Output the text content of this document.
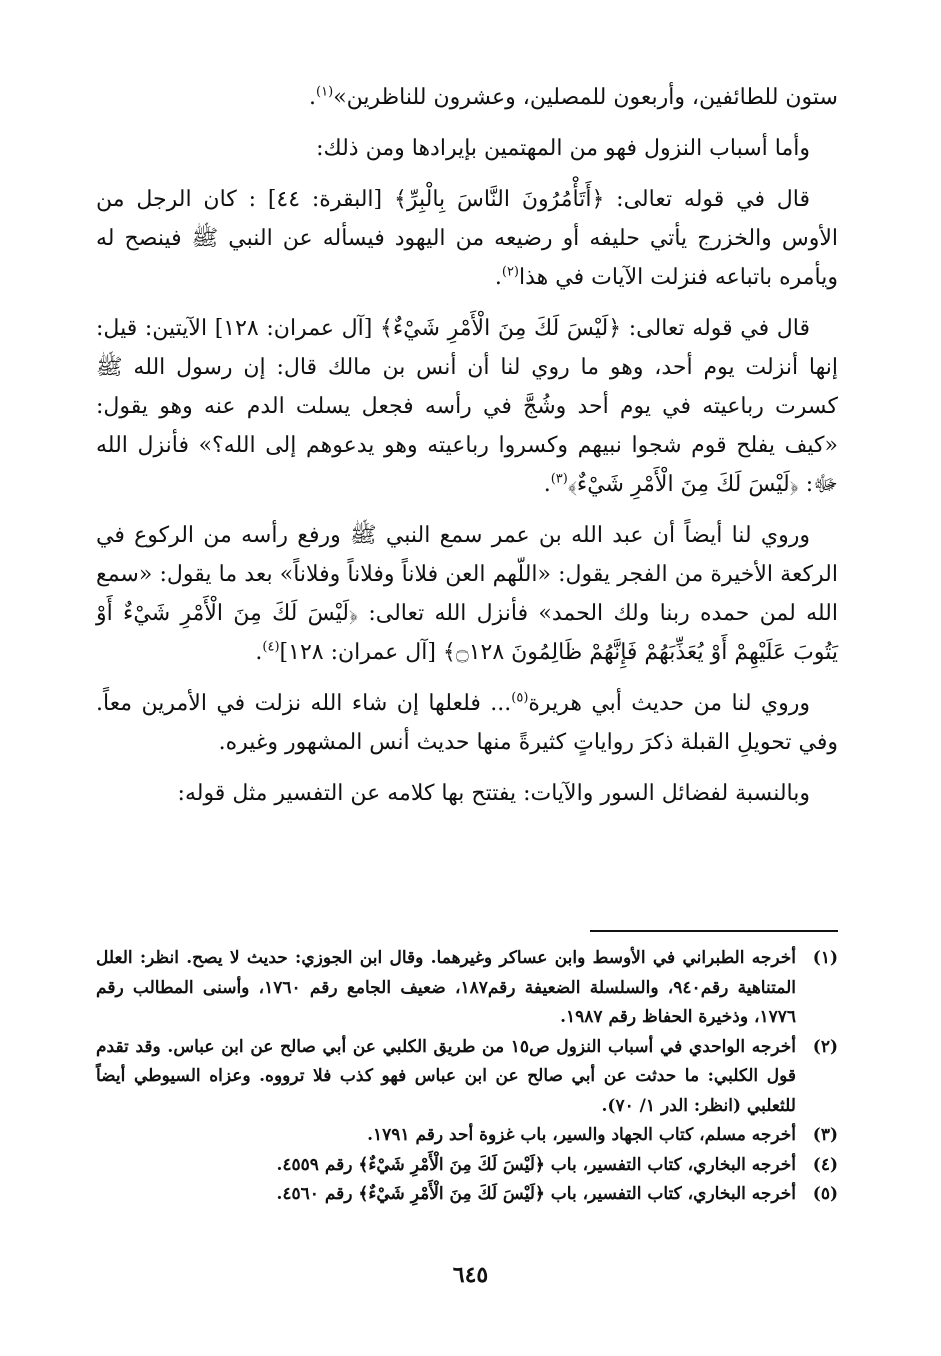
ستون للطائفين، وأربعون للمصلين، وعشرون للناظرين»$^{(١)}$.

وأما أسباب النزول فهو من المهتمين بإيرادها ومن ذلك:

قال في قوله تعالى: ﴿أَتَأْمُرُونَ النَّاسَ بِالْبِرِّ﴾ [البقرة: ٤٤] : كان الرجل من الأوس والخزرج يأتي حليفه أو رضيعه من اليهود فيسأله عن النبي ﷺ فينصح له ويأمره باتباعه فنزلت الآيات في هذا$^{(٢)}$.

قال في قوله تعالى: ﴿لَيْسَ لَكَ مِنَ الْأَمْرِ شَيْءٌ﴾ [آل عمران: ١٢٨] الآيتين: قيل: إنها أنزلت يوم أحد، وهو ما روي لنا أن أنس بن مالك قال: إن رسول الله ﷺ كسرت رباعيته في يوم أحد وشُجَّ في رأسه فجعل يسلت الدم عنه وهو يقول: «كيف يفلح قوم شجوا نبيهم وكسروا رباعيته وهو يدعوهم إلى الله؟» فأنزل الله ﷻ: ﴿لَيْسَ لَكَ مِنَ الْأَمْرِ شَيْءٌ﴾$^{(٣)}$.

وروي لنا أيضاً أن عبد الله بن عمر سمع النبي ﷺ ورفع رأسه من الركوع في الركعة الأخيرة من الفجر يقول: «اللّهم العن فلاناً وفلاناً وفلاناً» بعد ما يقول: «سمع الله لمن حمده ربنا ولك الحمد» فأنزل الله تعالى: ﴿لَيْسَ لَكَ مِنَ الْأَمْرِ شَيْءٌ أَوْ يَتُوبَ عَلَيْهِمْ أَوْ يُعَذِّبَهُمْ فَإِنَّهُمْ ظَالِمُونَ ۝١٢٨﴾ [آل عمران: ١٢٨]$^{(٤)}$.

وروي لنا من حديث أبي هريرة$^{(٥)}$... فلعلها إن شاء الله نزلت في الأمرين معاً. وفي تحويلِ القبلة ذكرَ رواياتٍ كثيرةً منها حديث أنس المشهور وغيره.

وبالنسبة لفضائل السور والآيات: يفتتح بها كلامه عن التفسير مثل قوله:

(١)
أخرجه الطبراني في الأوسط وابن عساكر وغيرهما. وقال ابن الجوزي: حديث لا يصح. انظر: العلل المتناهية رقم٩٤٠، والسلسلة الضعيفة رقم١٨٧، ضعيف الجامع رقم ١٧٦٠، وأسنى المطالب رقم ١٧٧٦، وذخيرة الحفاظ رقم ١٩٨٧.
(٢)
أخرجه الواحدي في أسباب النزول ص١٥ من طريق الكلبي عن أبي صالح عن ابن عباس. وقد تقدم قول الكلبي: ما حدثت عن أبي صالح عن ابن عباس فهو كذب فلا ترووه. وعزاه السيوطي أيضاً للثعلبي (انظر: الدر ١/ ٧٠).
(٣)
أخرجه مسلم، كتاب الجهاد والسير، باب غزوة أحد رقم ١٧٩١.
(٤)
أخرجه البخاري، كتاب التفسير، باب ﴿لَيْسَ لَكَ مِنَ الْأَمْرِ شَيْءٌ﴾ رقم ٤٥٥٩.
(٥)
أخرجه البخاري، كتاب التفسير، باب ﴿لَيْسَ لَكَ مِنَ الْأَمْرِ شَيْءٌ﴾ رقم ٤٥٦٠.
٦٤٥
